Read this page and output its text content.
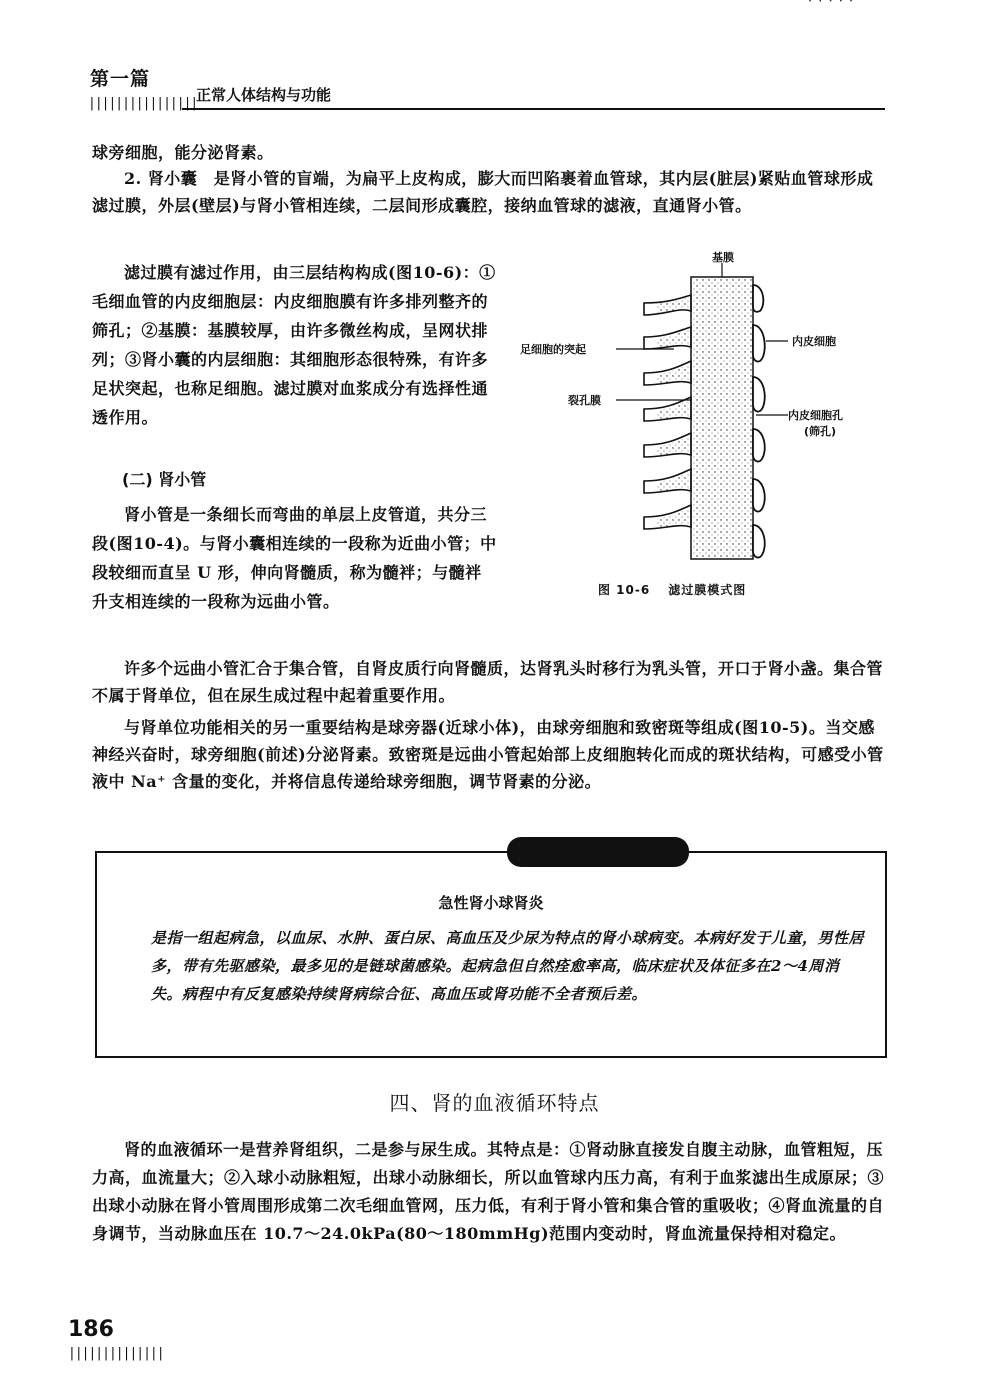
· · · · ·
第一篇
||||||||||||||||
正常人体结构与功能
球旁细胞，能分泌肾素。
2. 肾小囊　是肾小管的盲端，为扁平上皮构成，膨大而凹陷裹着血管球，其内层(脏层)紧贴血管球形成滤过膜，外层(壁层)与肾小管相连续，二层间形成囊腔，接纳血管球的滤液，直通肾小管。
滤过膜有滤过作用，由三层结构构成(图10-6)：①毛细血管的内皮细胞层：内皮细胞膜有许多排列整齐的筛孔；②基膜：基膜较厚，由许多微丝构成，呈网状排列；③肾小囊的内层细胞：其细胞形态很特殊，有许多足状突起，也称足细胞。滤过膜对血浆成分有选择性通透作用。
(二) 肾小管
肾小管是一条细长而弯曲的单层上皮管道，共分三段(图10-4)。与肾小囊相连续的一段称为近曲小管；中段较细而直呈 U 形，伸向肾髓质，称为髓袢；与髓袢升支相连续的一段称为远曲小管。
基膜
足细胞的突起
裂孔膜
内皮细胞
内皮细胞孔
(筛孔)
图 10-6 滤过膜模式图
许多个远曲小管汇合于集合管，自肾皮质行向肾髓质，达肾乳头时移行为乳头管，开口于肾小盏。集合管不属于肾单位，但在尿生成过程中起着重要作用。
与肾单位功能相关的另一重要结构是球旁器(近球小体)，由球旁细胞和致密斑等组成(图10-5)。当交感神经兴奋时，球旁细胞(前述)分泌肾素。致密斑是远曲小管起始部上皮细胞转化而成的斑状结构，可感受小管液中 Na⁺ 含量的变化，并将信息传递给球旁细胞，调节肾素的分泌。
急性肾小球肾炎
是指一组起病急，以血尿、水肿、蛋白尿、高血压及少尿为特点的肾小球病变。本病好发于儿童，男性居多，带有先驱感染，最多见的是链球菌感染。起病急但自然痊愈率高，临床症状及体征多在2～4周消失。病程中有反复感染持续肾病综合征、高血压或肾功能不全者预后差。
四、肾的血液循环特点
肾的血液循环一是营养肾组织，二是参与尿生成。其特点是：①肾动脉直接发自腹主动脉，血管粗短，压力高，血流量大；②入球小动脉粗短，出球小动脉细长，所以血管球内压力高，有利于血浆滤出生成原尿；③出球小动脉在肾小管周围形成第二次毛细血管网，压力低，有利于肾小管和集合管的重吸收；④肾血流量的自身调节，当动脉血压在 10.7～24.0kPa(80～180mmHg)范围内变动时，肾血流量保持相对稳定。
186
||||||||||||||
